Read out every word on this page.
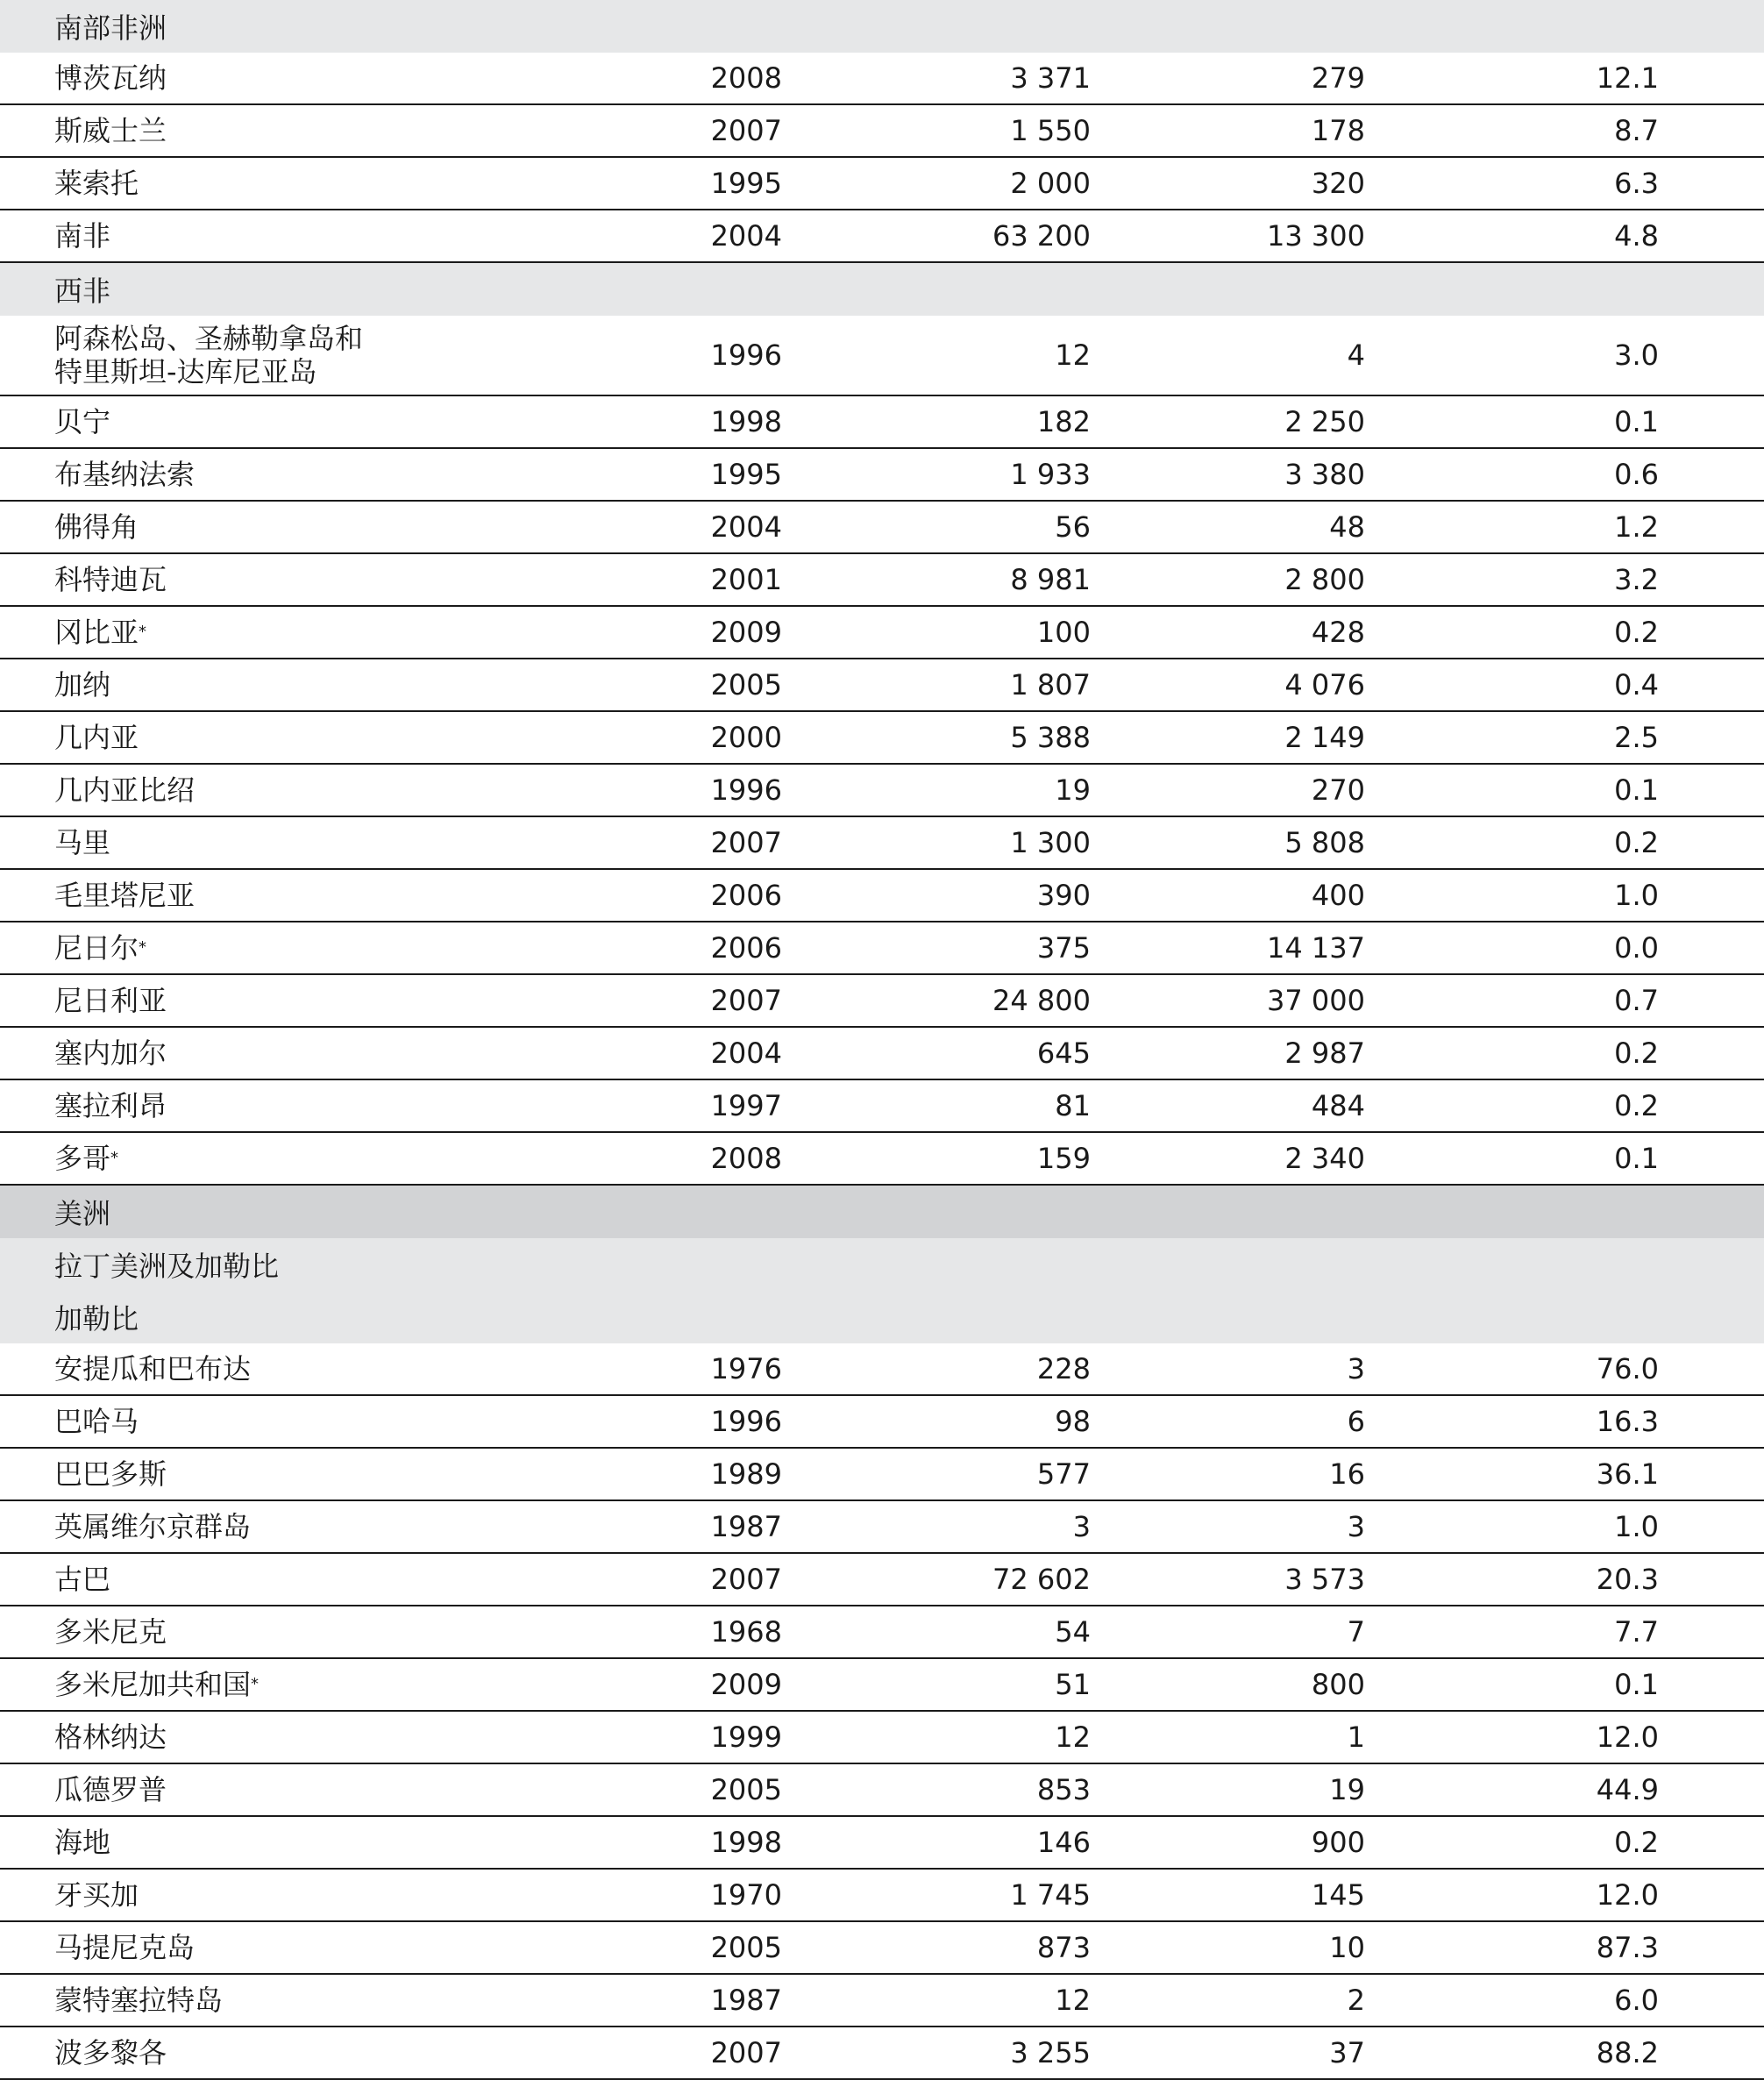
南部非洲
博茨瓦纳	2008	3 371	279	12.1
斯威士兰	2007	1 550	178	8.7
莱索托	1995	2 000	320	6.3
南非	2004	63 200	13 300	4.8
西非
阿森松岛、圣赫勒拿岛和
特里斯坦-达库尼亚岛	1996	12	4	3.0
贝宁	1998	182	2 250	0.1
布基纳法索	1995	1 933	3 380	0.6
佛得角	2004	56	48	1.2
科特迪瓦	2001	8 981	2 800	3.2
冈比亚 *	2009	100	428	0.2
加纳	2005	1 807	4 076	0.4
几内亚	2000	5 388	2 149	2.5
几内亚比绍	1996	19	270	0.1
马里	2007	1 300	5 808	0.2
毛里塔尼亚	2006	390	400	1.0
尼日尔 *	2006	375	14 137	0.0
尼日利亚	2007	24 800	37 000	0.7
塞内加尔	2004	645	2 987	0.2
塞拉利昂	1997	81	484	0.2
多哥 *	2008	159	2 340	0.1
美洲
拉丁美洲及加勒比
加勒比
安提瓜和巴布达	1976	228	3	76.0
巴哈马	1996	98	6	16.3
巴巴多斯	1989	577	16	36.1
英属维尔京群岛	1987	3	3	1.0
古巴	2007	72 602	3 573	20.3
多米尼克	1968	54	7	7.7
多米尼加共和国 *	2009	51	800	0.1
格林纳达	1999	12	1	12.0
瓜德罗普	2005	853	19	44.9
海地	1998	146	900	0.2
牙买加	1970	1 745	145	12.0
马提尼克岛	2005	873	10	87.3
蒙特塞拉特岛	1987	12	2	6.0
波多黎各	2007	3 255	37	88.2
